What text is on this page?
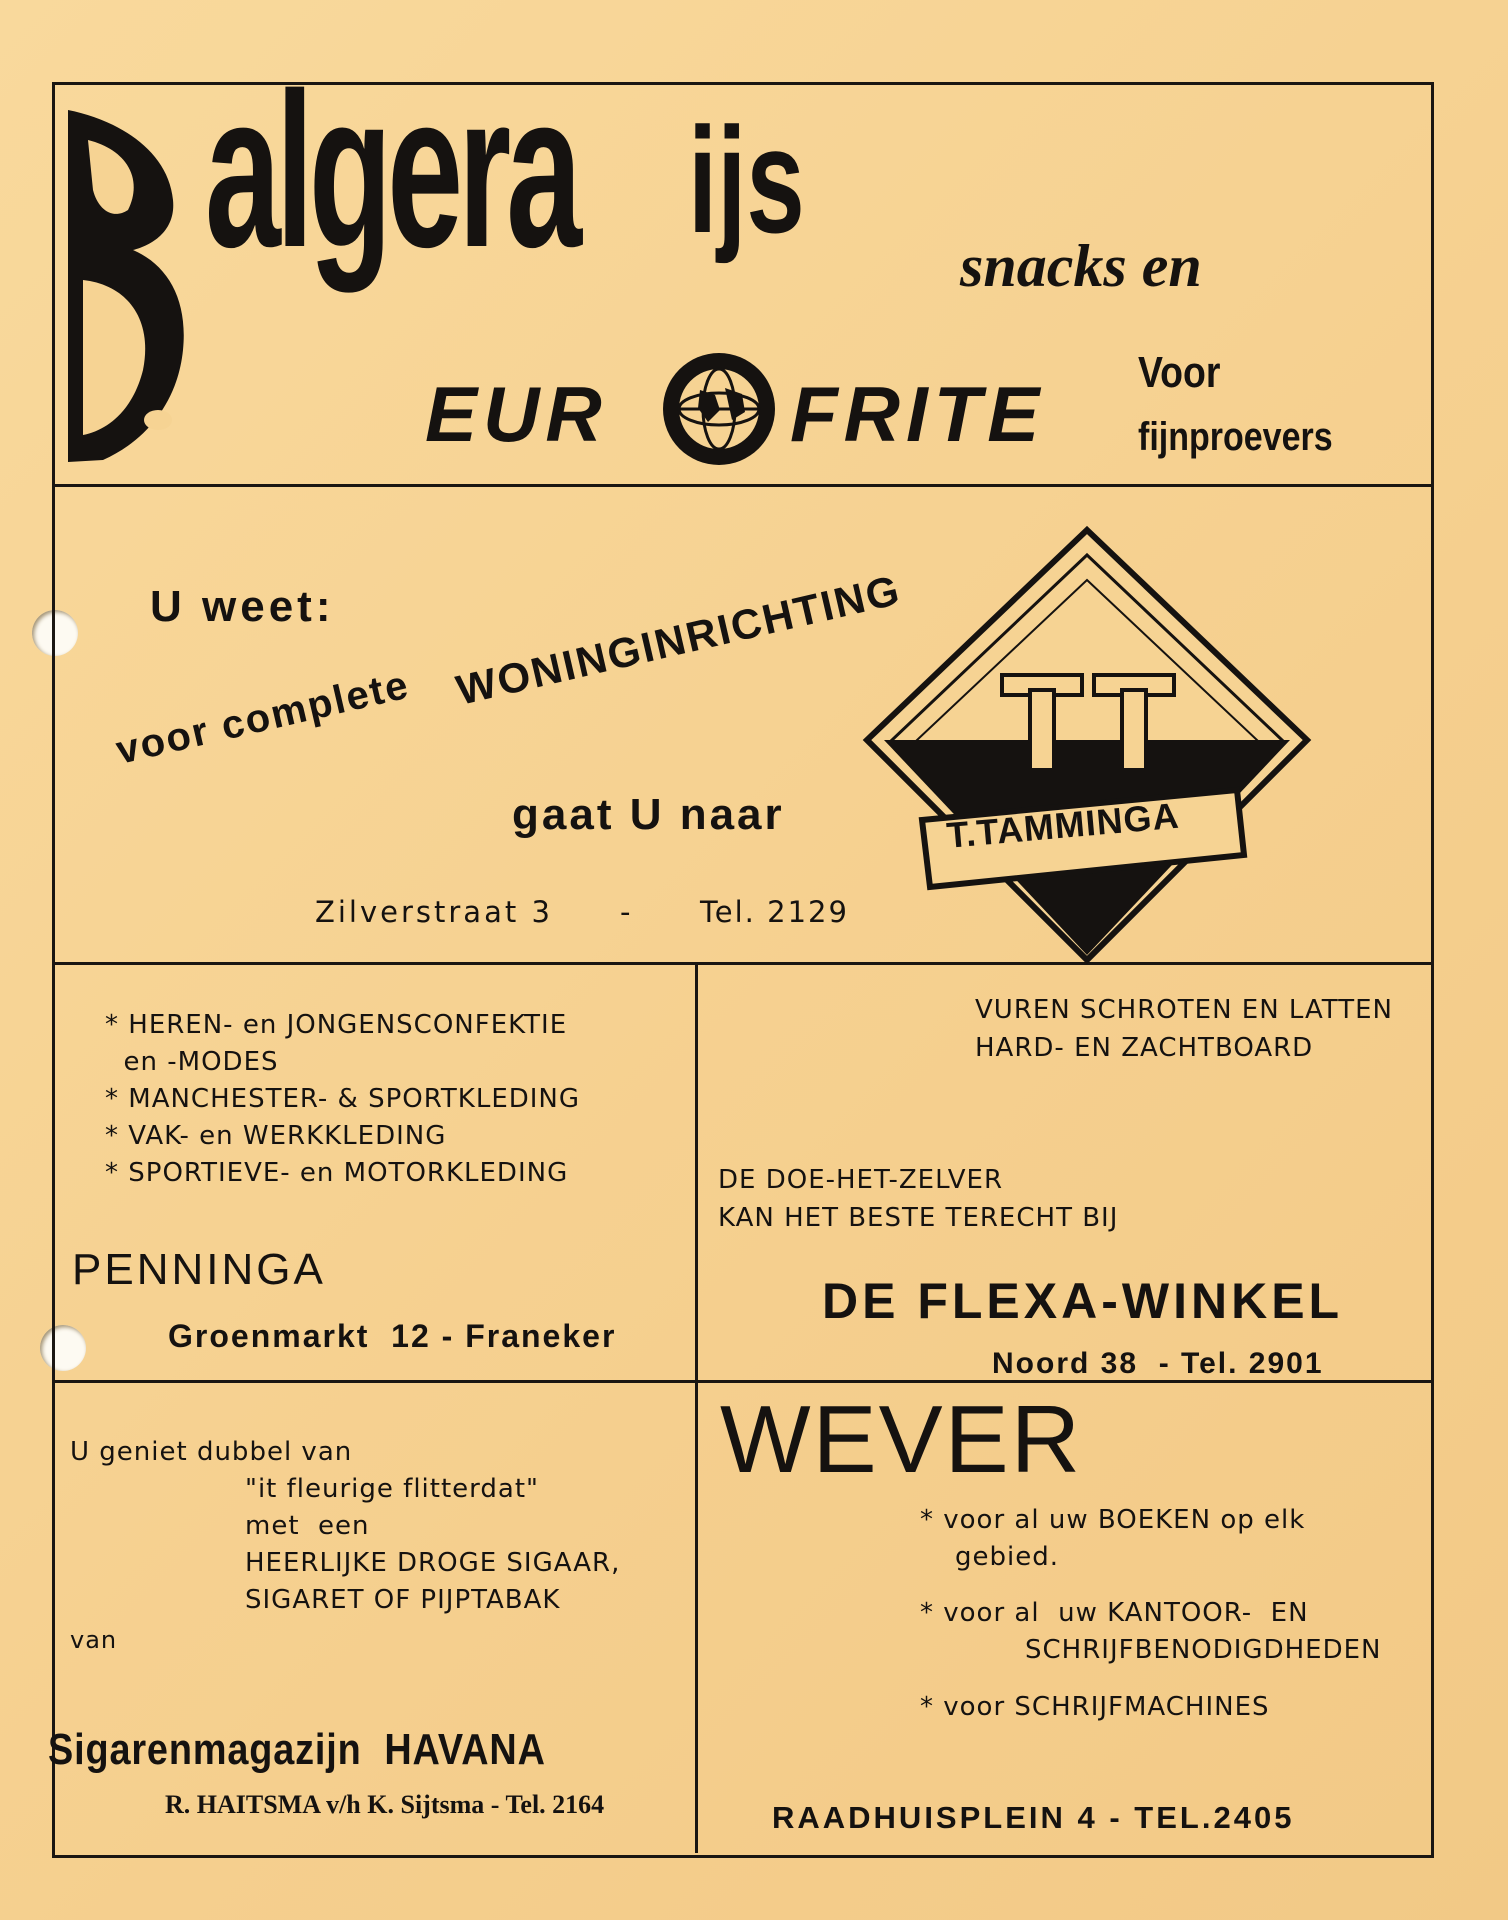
algera ijs
snacks en
EUR FRITE Voor
fijnproevers
U weet:
voor complete
WONINGINRICHTING
gaat U naar
Zilverstraat 3 - Tel. 2129
T.TAMMINGA
* HEREN- en JONGENSCONFEKTIE
en -MODES
* MANCHESTER- & SPORTKLEDING
* VAK- en WERKKLEDING
* SPORTIEVE- en MOTORKLEDING
PENNINGA
Groenmarkt  12 - Franeker
VUREN SCHROTEN EN LATTEN
HARD- EN ZACHTBOARD
DE DOE-HET-ZELVER
KAN HET BESTE TERECHT BIJ
DE FLEXA-WINKEL
Noord 38  - Tel. 2901
U geniet dubbel van
"it fleurige flitterdat"
met  een
HEERLIJKE DROGE SIGAAR,
SIGARET OF PIJPTABAK
van
Sigarenmagazijn  HAVANA
R. HAITSMA v/h K. Sijtsma - Tel. 2164
WEVER
* voor al uw BOEKEN op elk
gebied.
* voor al  uw KANTOOR-  EN
SCHRIJFBENODIGDHEDEN
* voor SCHRIJFMACHINES
RAADHUISPLEIN 4 - TEL.2405
